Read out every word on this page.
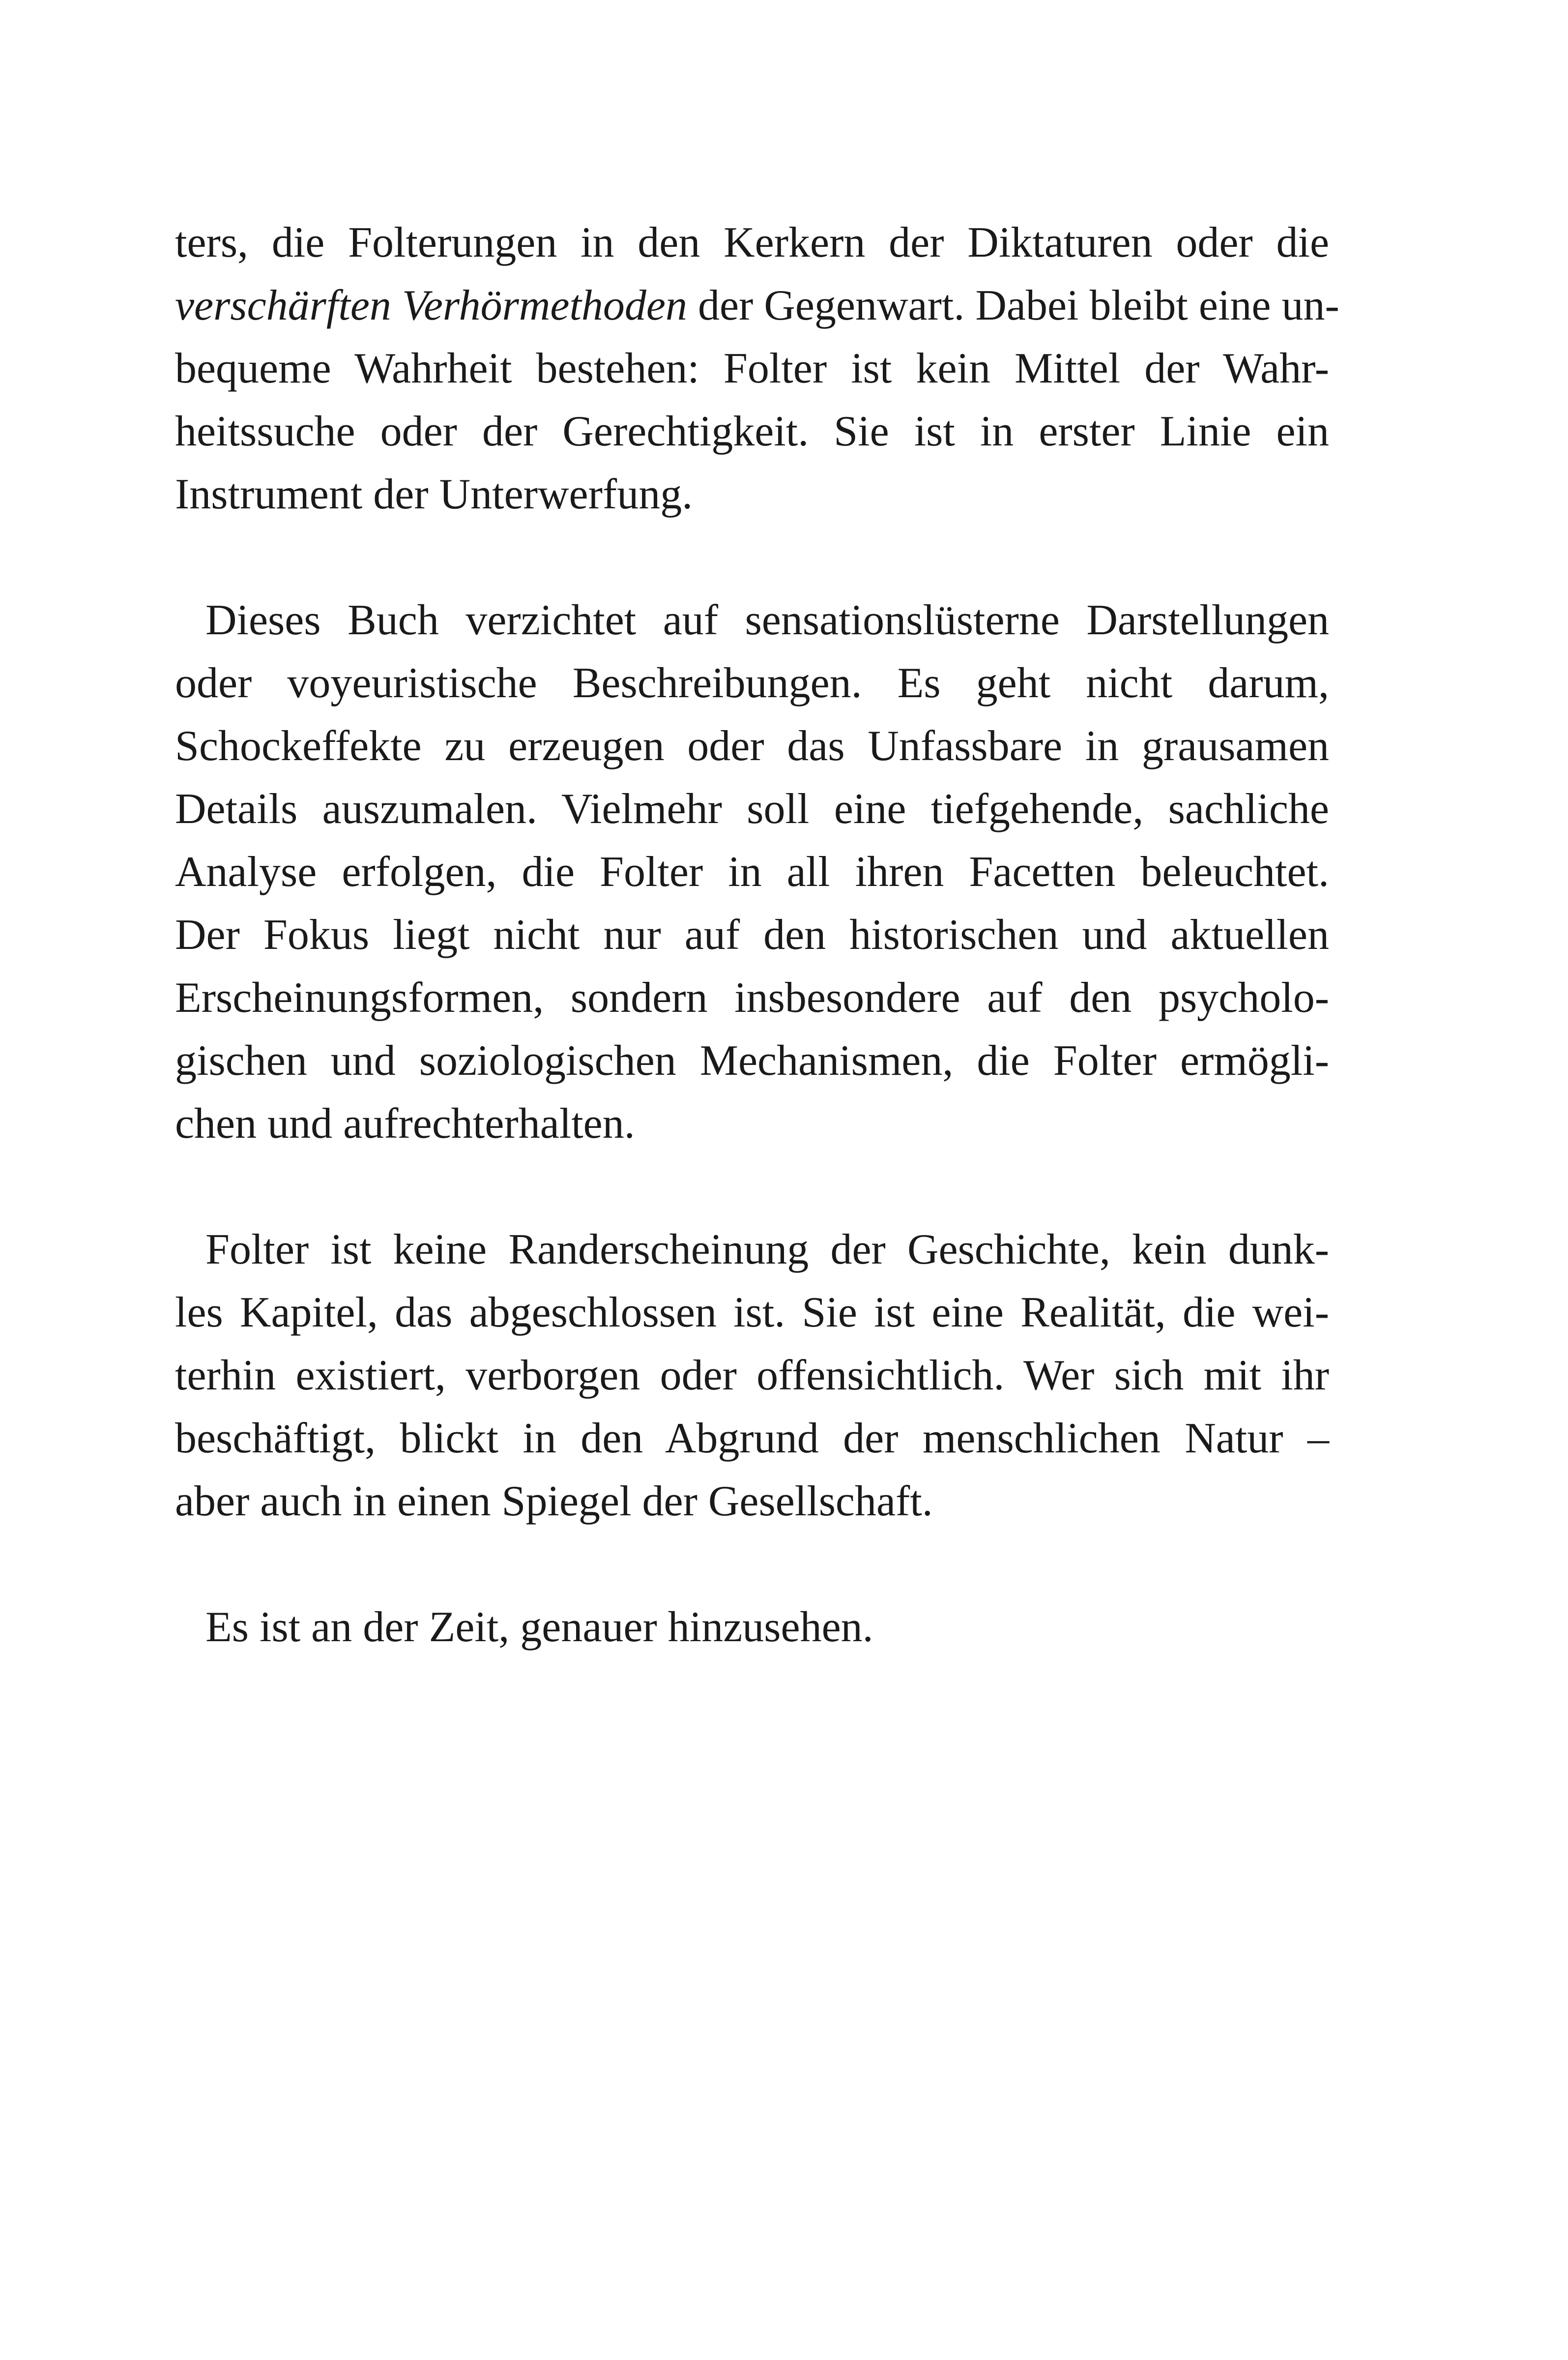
ters, die Folterungen in den Kerkern der Diktaturen oder die
verschärften Verhörmethoden der Gegenwart. Dabei bleibt eine un-
bequeme Wahrheit bestehen: Folter ist kein Mittel der Wahr-
heitssuche oder der Gerechtigkeit. Sie ist in erster Linie ein
Instrument der Unterwerfung.
Dieses Buch verzichtet auf sensationslüsterne Darstellungen
oder voyeuristische Beschreibungen. Es geht nicht darum,
Schockeffekte zu erzeugen oder das Unfassbare in grausamen
Details auszumalen. Vielmehr soll eine tiefgehende, sachliche
Analyse erfolgen, die Folter in all ihren Facetten beleuchtet.
Der Fokus liegt nicht nur auf den historischen und aktuellen
Erscheinungsformen, sondern insbesondere auf den psycholo-
gischen und soziologischen Mechanismen, die Folter ermögli-
chen und aufrechterhalten.
Folter ist keine Randerscheinung der Geschichte, kein dunk-
les Kapitel, das abgeschlossen ist. Sie ist eine Realität, die wei-
terhin existiert, verborgen oder offensichtlich. Wer sich mit ihr
beschäftigt, blickt in den Abgrund der menschlichen Natur –
aber auch in einen Spiegel der Gesellschaft.
Es ist an der Zeit, genauer hinzusehen.
